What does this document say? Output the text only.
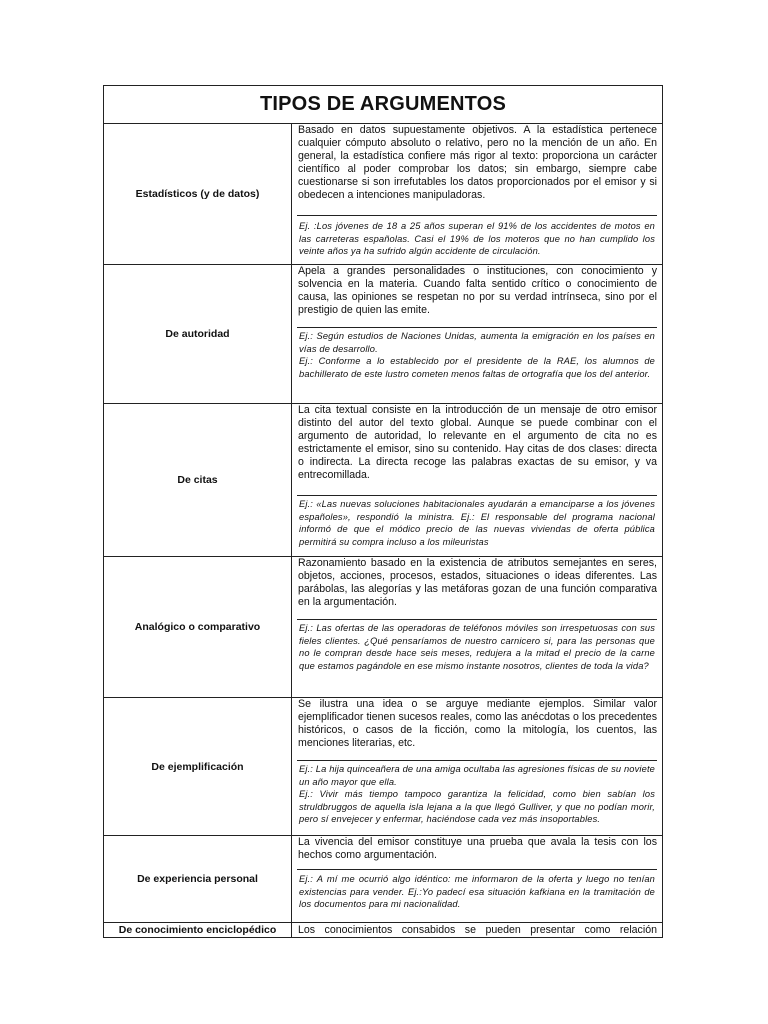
TIPOS DE ARGUMENTOS
Estadísticos (y de datos)
Basado en datos supuestamente objetivos. A la estadística pertenece cualquier cómputo absoluto o relativo, pero no la mención de un año. En general, la estadística confiere más rigor al texto: proporciona un carácter científico al poder comprobar los datos; sin embargo, siempre cabe cuestionarse si son irrefutables los datos proporcionados por el emisor y si obedecen a intenciones manipuladoras.

Ej. :Los jóvenes de 18 a 25 años superan el 91% de los accidentes de motos en las carreteras españolas. Casi el 19% de los moteros que no han cumplido los veinte años ya ha sufrido algún accidente de circulación.

De autoridad
Apela a grandes personalidades o instituciones, con conocimiento y solvencia en la materia. Cuando falta sentido crítico o conocimiento de causa, las opiniones se respetan no por su verdad intrínseca, sino por el prestigio de quien las emite.

Ej.: Según estudios de Naciones Unidas, aumenta la emigración en los países en vías de desarrollo.

Ej.: Conforme a lo establecido por el presidente de la RAE, los alumnos de bachillerato de este lustro cometen menos faltas de ortografía que los del anterior.

De citas
La cita textual consiste en la introducción de un mensaje de otro emisor distinto del autor del texto global. Aunque se puede combinar con el argumento de autoridad, lo relevante en el argumento de cita no es estrictamente el emisor, sino su contenido. Hay citas de dos clases: directa o indirecta. La directa recoge las palabras exactas de su emisor, y va entrecomillada.

Ej.: «Las nuevas soluciones habitacionales ayudarán a emanciparse a los jóvenes españoles», respondió la ministra. Ej.: El responsable del programa nacional informó de que el módico precio de las nuevas viviendas de oferta pública permitirá su compra incluso a los mileuristas

Analógico o comparativo
Razonamiento basado en la existencia de atributos semejantes en seres, objetos, acciones, procesos, estados, situaciones o ideas diferentes. Las parábolas, las alegorías y las metáforas gozan de una función comparativa en la argumentación.

Ej.: Las ofertas de las operadoras de teléfonos móviles son irrespetuosas con sus fieles clientes. ¿Qué pensaríamos de nuestro carnicero si, para las personas que no le compran desde hace seis meses, redujera a la mitad el precio de la carne que estamos pagándole en ese mismo instante nosotros, clientes de toda la vida?

De ejemplificación
Se ilustra una idea o se arguye mediante ejemplos. Similar valor ejemplificador tienen sucesos reales, como las anécdotas o los precedentes históricos, o casos de la ficción, como la mitología, los cuentos, las menciones literarias, etc.

Ej.: La hija quinceañera de una amiga ocultaba las agresiones físicas de su noviete un año mayor que ella.

Ej.: Vivir más tiempo tampoco garantiza la felicidad, como bien sabían los struldbruggos de aquella isla lejana a la que llegó Gulliver, y que no podían morir, pero sí envejecer y enfermar, haciéndose cada vez más insoportables.

De experiencia personal
La vivencia del emisor constituye una prueba que avala la tesis con los hechos como argumentación.

Ej.: A mí me ocurrió algo idéntico: me informaron de la oferta y luego no tenían existencias para vender. Ej.:Yo padecí esa situación kafkiana en la tramitación de los documentos para mi nacionalidad.

De conocimiento enciclopédico	Los conocimientos consabidos se pueden presentar como relación
